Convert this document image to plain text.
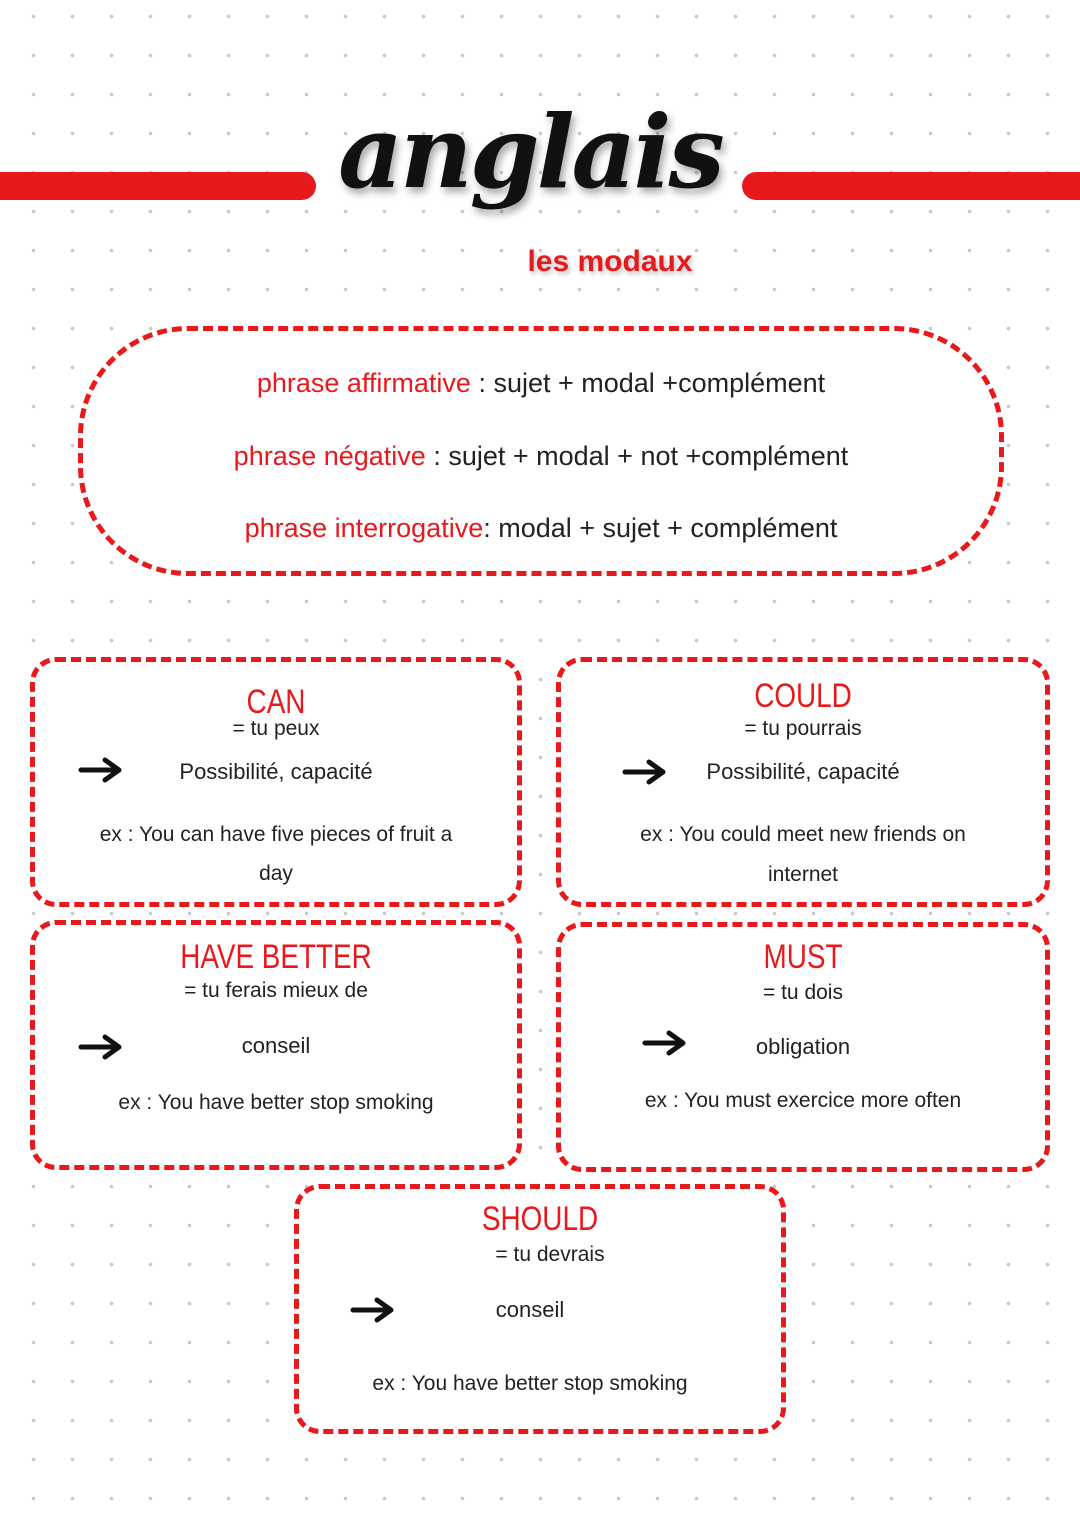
anglais
les modaux
phrase affirmative : sujet + modal +complément
phrase négative : sujet + modal + not +complément
phrase interrogative: modal + sujet + complément
CAN
= tu peux
Possibilité, capacité
ex : You can have five pieces of fruit a
day
COULD
= tu pourrais
Possibilité, capacité
ex : You could meet new friends on
internet
HAVE BETTER
= tu ferais mieux de
conseil
ex : You have better stop smoking
MUST
= tu dois
obligation
ex : You must exercice more often
SHOULD
= tu devrais
conseil
ex : You have better stop smoking
